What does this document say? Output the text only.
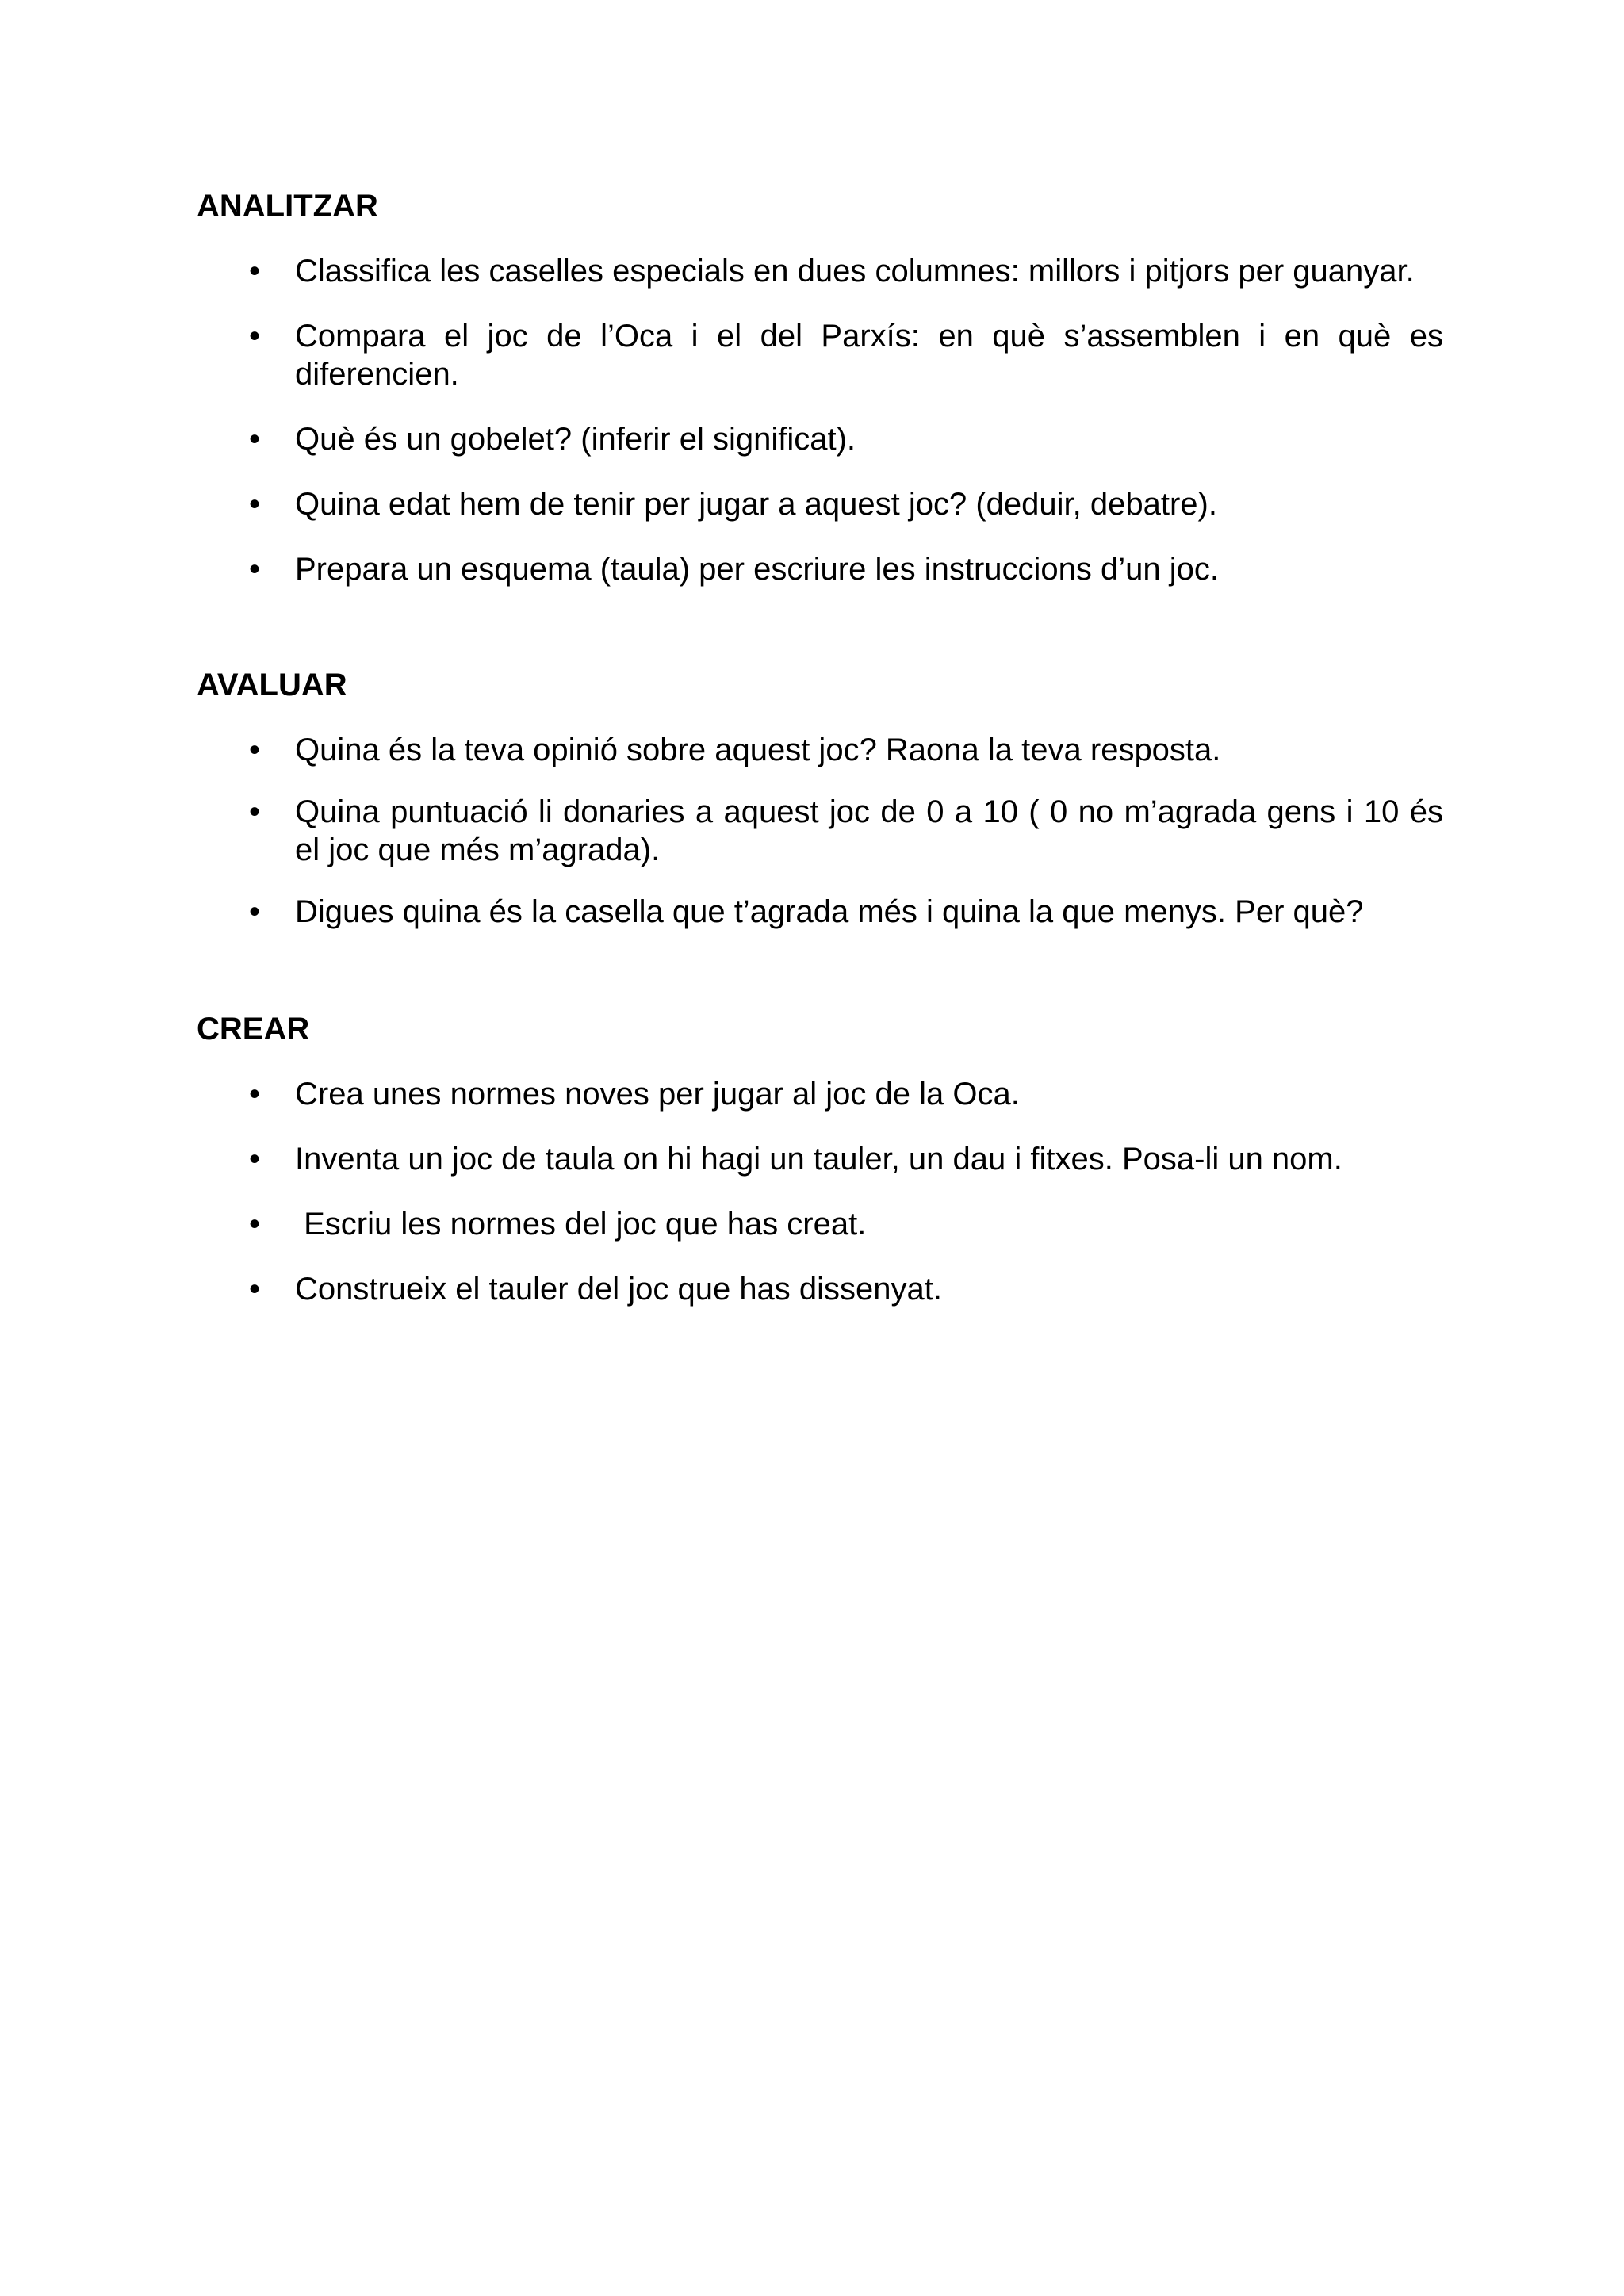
ANALITZAR
• Classifica les caselles especials en dues columnes: millors i pitjors per guanyar.
• Compara el joc de l’Oca i el del Parxís: en què s’assemblen i en què es diferencien.
• Què és un gobelet? (inferir el significat).
• Quina edat hem de tenir per jugar a aquest joc? (deduir, debatre).
• Prepara un esquema (taula) per escriure les instruccions d’un joc.
AVALUAR
• Quina és la teva opinió sobre aquest joc? Raona la teva resposta.
• Quina puntuació li donaries a aquest joc de 0 a 10 ( 0 no m’agrada gens i 10 és el joc que més m’agrada).
• Digues quina és la casella que t’agrada més i quina la que menys. Per què?
CREAR
• Crea unes normes noves per jugar al joc de la Oca.
• Inventa un joc de taula on hi hagi un tauler, un dau i fitxes. Posa-li un nom.
• Escriu les normes del joc que has creat.
• Construeix el tauler del joc que has dissenyat.
